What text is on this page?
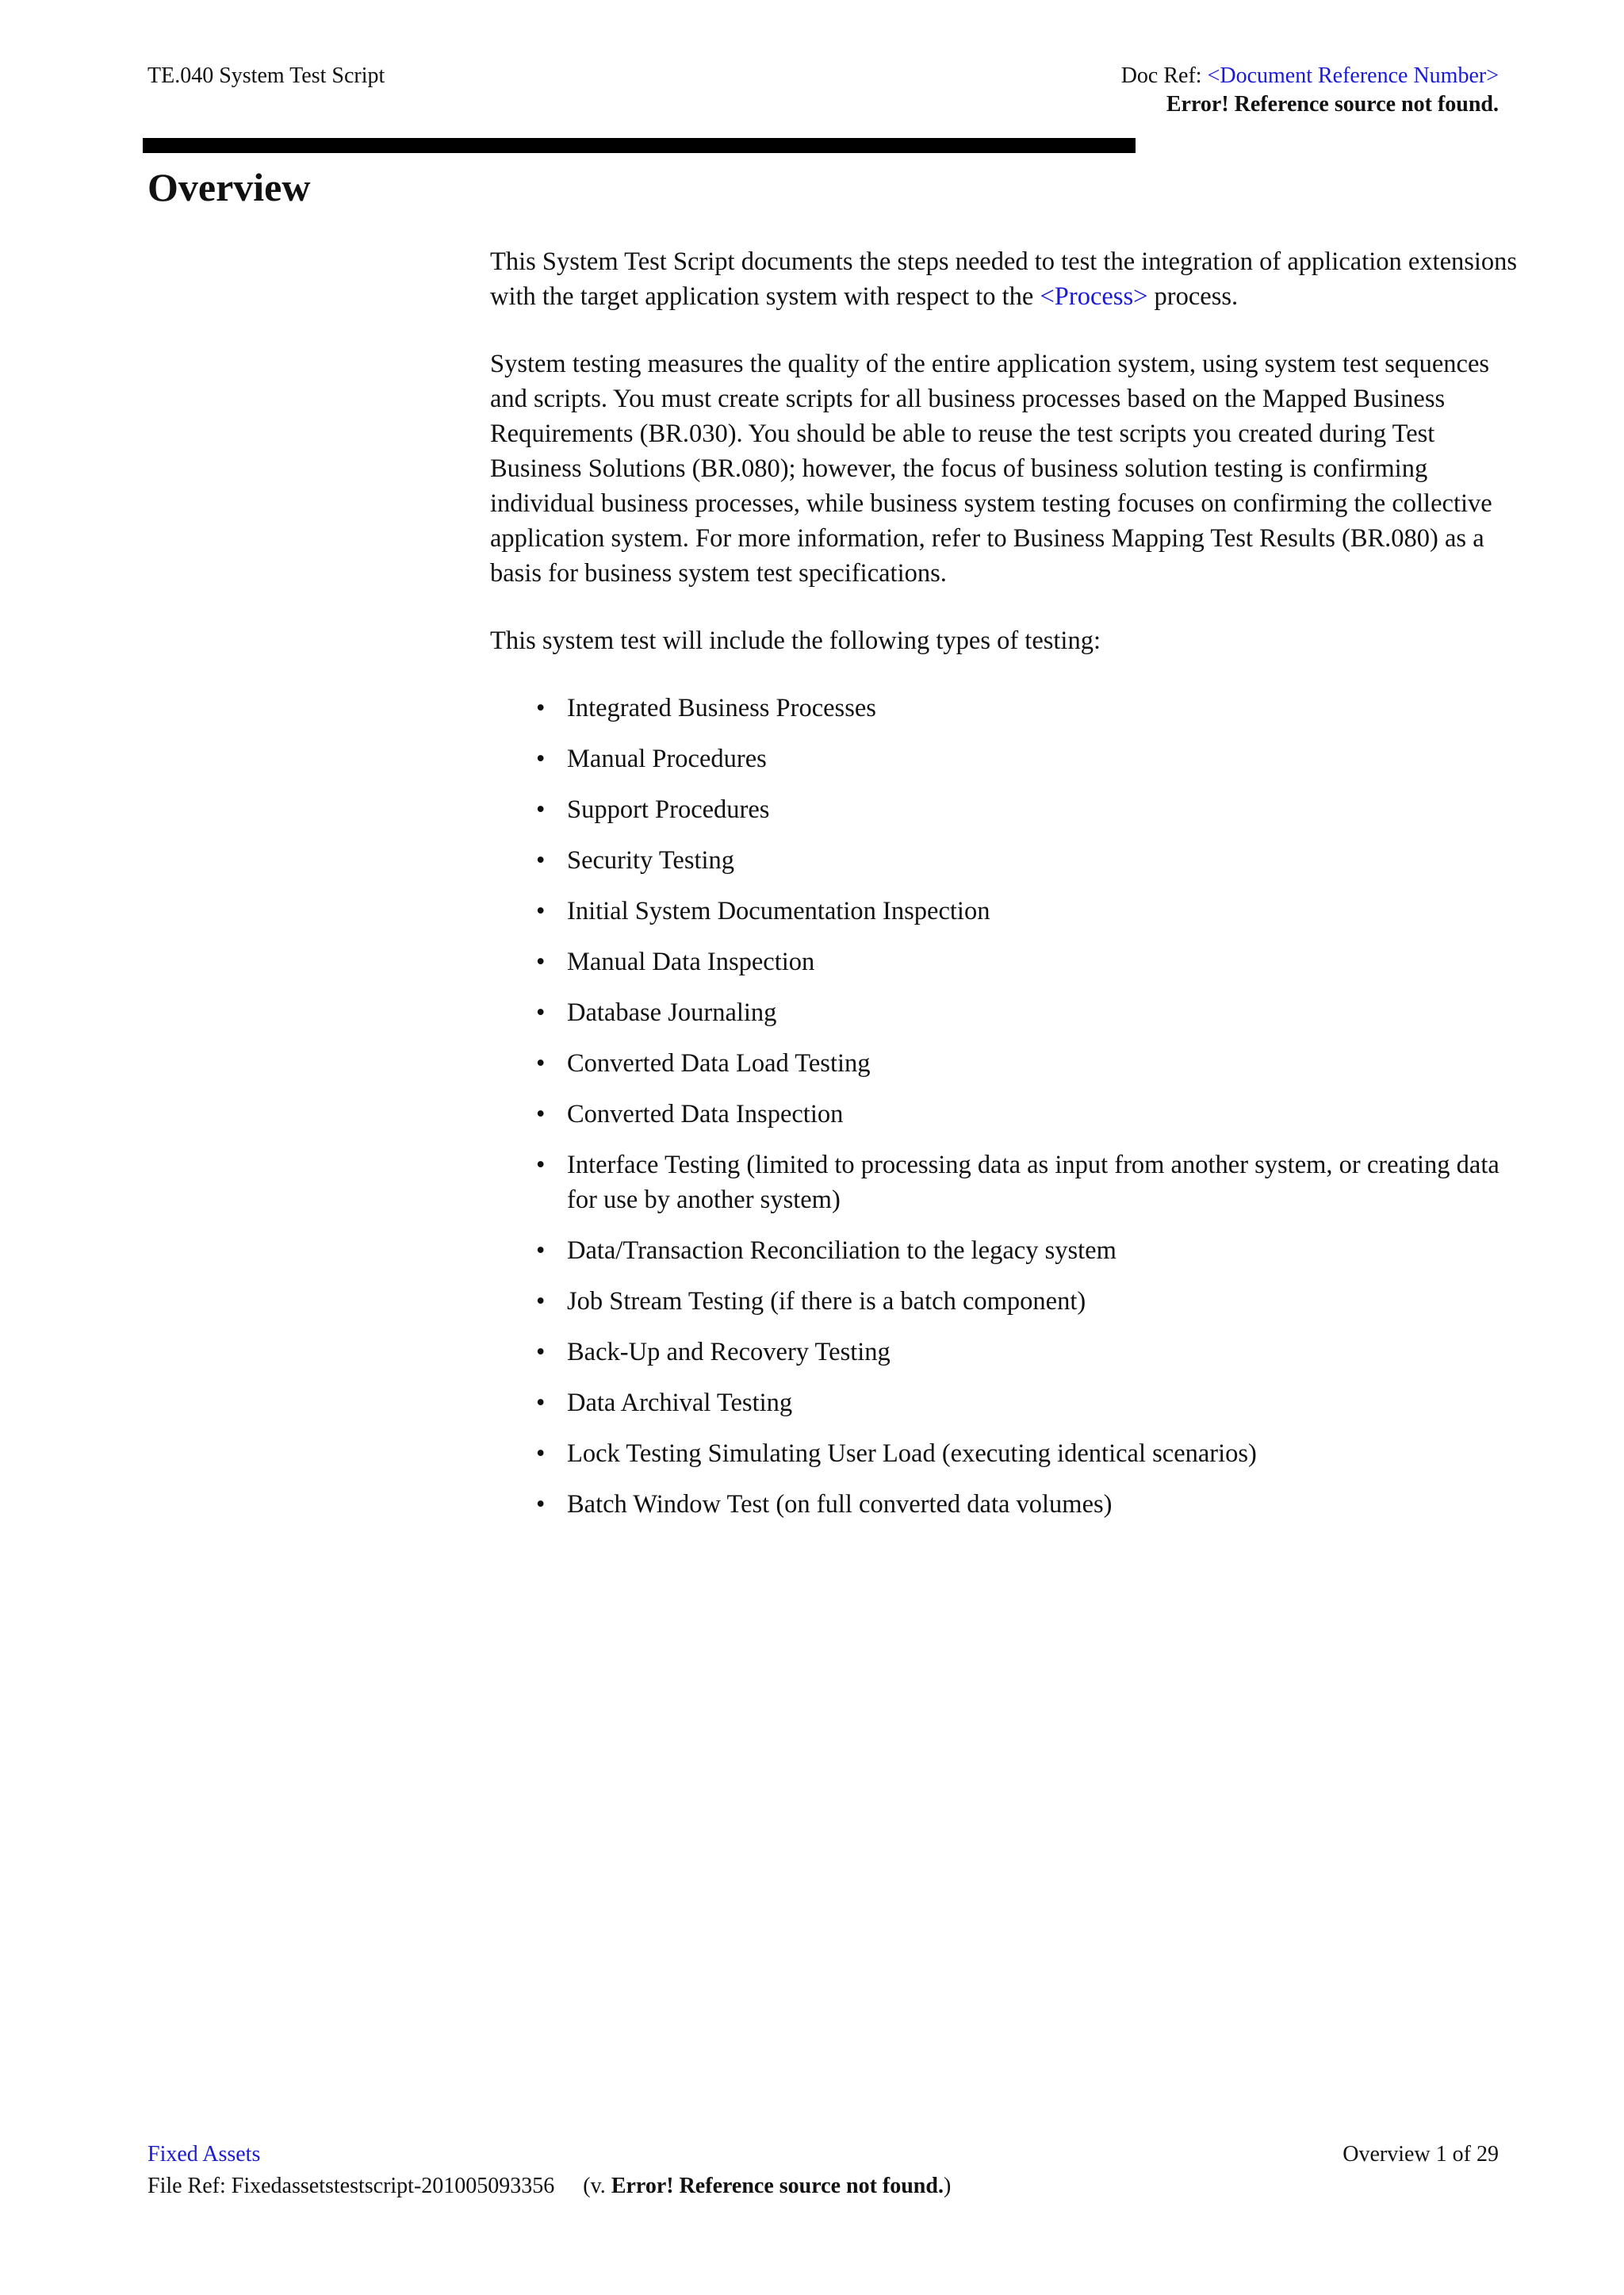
TE.040 System Test Script	Doc Ref: <Document Reference Number>
Error! Reference source not found.
Overview

This System Test Script documents the steps needed to test the integration of application extensions with the target application system with respect to the <Process> process.

System testing measures the quality of the entire application system, using system test sequences and scripts. You must create scripts for all business processes based on the Mapped Business Requirements (BR.030). You should be able to reuse the test scripts you created during Test Business Solutions (BR.080); however, the focus of business solution testing is confirming individual business processes, while business system testing focuses on confirming the collective application system. For more information, refer to Business Mapping Test Results (BR.080) as a basis for business system test specifications.

This system test will include the following types of testing:

• Integrated Business Processes
• Manual Procedures
• Support Procedures
• Security Testing
• Initial System Documentation Inspection
• Manual Data Inspection
• Database Journaling
• Converted Data Load Testing
• Converted Data Inspection
• Interface Testing (limited to processing data as input from another system, or creating data for use by another system)
• Data/Transaction Reconciliation to the legacy system
• Job Stream Testing (if there is a batch component)
• Back-Up and Recovery Testing
• Data Archival Testing
• Lock Testing Simulating User Load (executing identical scenarios)
• Batch Window Test (on full converted data volumes)
Fixed Assets
File Ref: Fixedassetstestscript-201005093356 (v. Error! Reference source not found.)
Overview 1 of 29
